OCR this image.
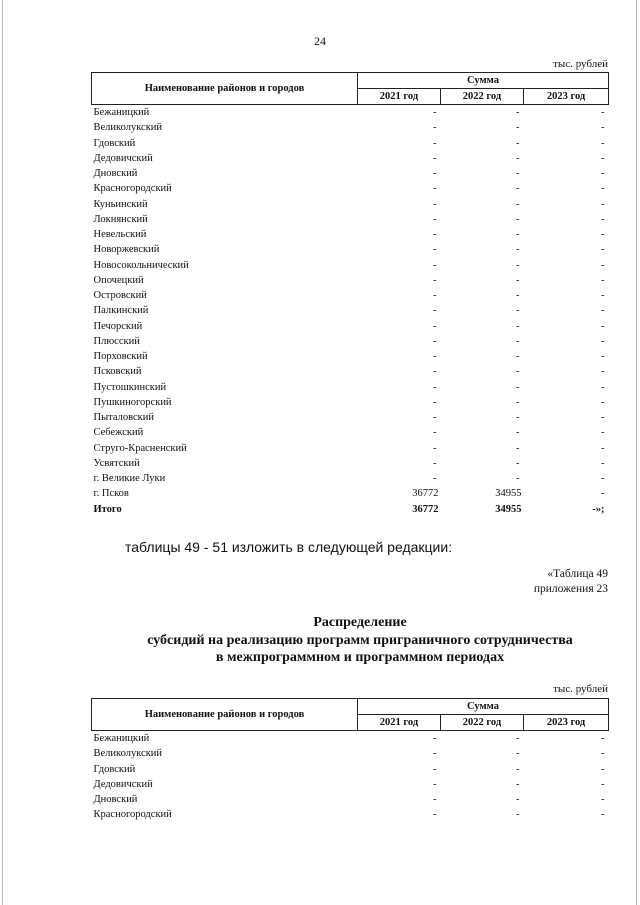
24
тыс. рублей
Наименование районов и городов	Сумма		
	2021 год	2022 год	2023 год
Бежаницкий	-	-	-
Великолукский	-	-	-
Гдовский	-	-	-
Дедовичский	-	-	-
Дновский	-	-	-
Красногородский	-	-	-
Куньинский	-	-	-
Локнянский	-	-	-
Невельский	-	-	-
Новоржевский	-	-	-
Новосокольнический	-	-	-
Опочецкий	-	-	-
Островский	-	-	-
Палкинский	-	-	-
Печорский	-	-	-
Плюсский	-	-	-
Порховский	-	-	-
Псковский	-	-	-
Пустошкинский	-	-	-
Пушкиногорский	-	-	-
Пыталовский	-	-	-
Себежский	-	-	-
Струго-Красненский	-	-	-
Усвятский	-	-	-
г. Великие Луки	-	-	-
г. Псков	36772	34955	-
Итого	36772	34955	-»;
таблицы 49 - 51 изложить в следующей редакции:
«Таблица 49
приложения 23
Распределение
субсидий на реализацию программ приграничного сотрудничества
в межпрограммном и программном периодах
тыс. рублей
Наименование районов и городов	Сумма		
	2021 год	2022 год	2023 год
Бежаницкий	-	-	-
Великолукский	-	-	-
Гдовский	-	-	-
Дедовичский	-	-	-
Дновский	-	-	-
Красногородский	-	-	-
